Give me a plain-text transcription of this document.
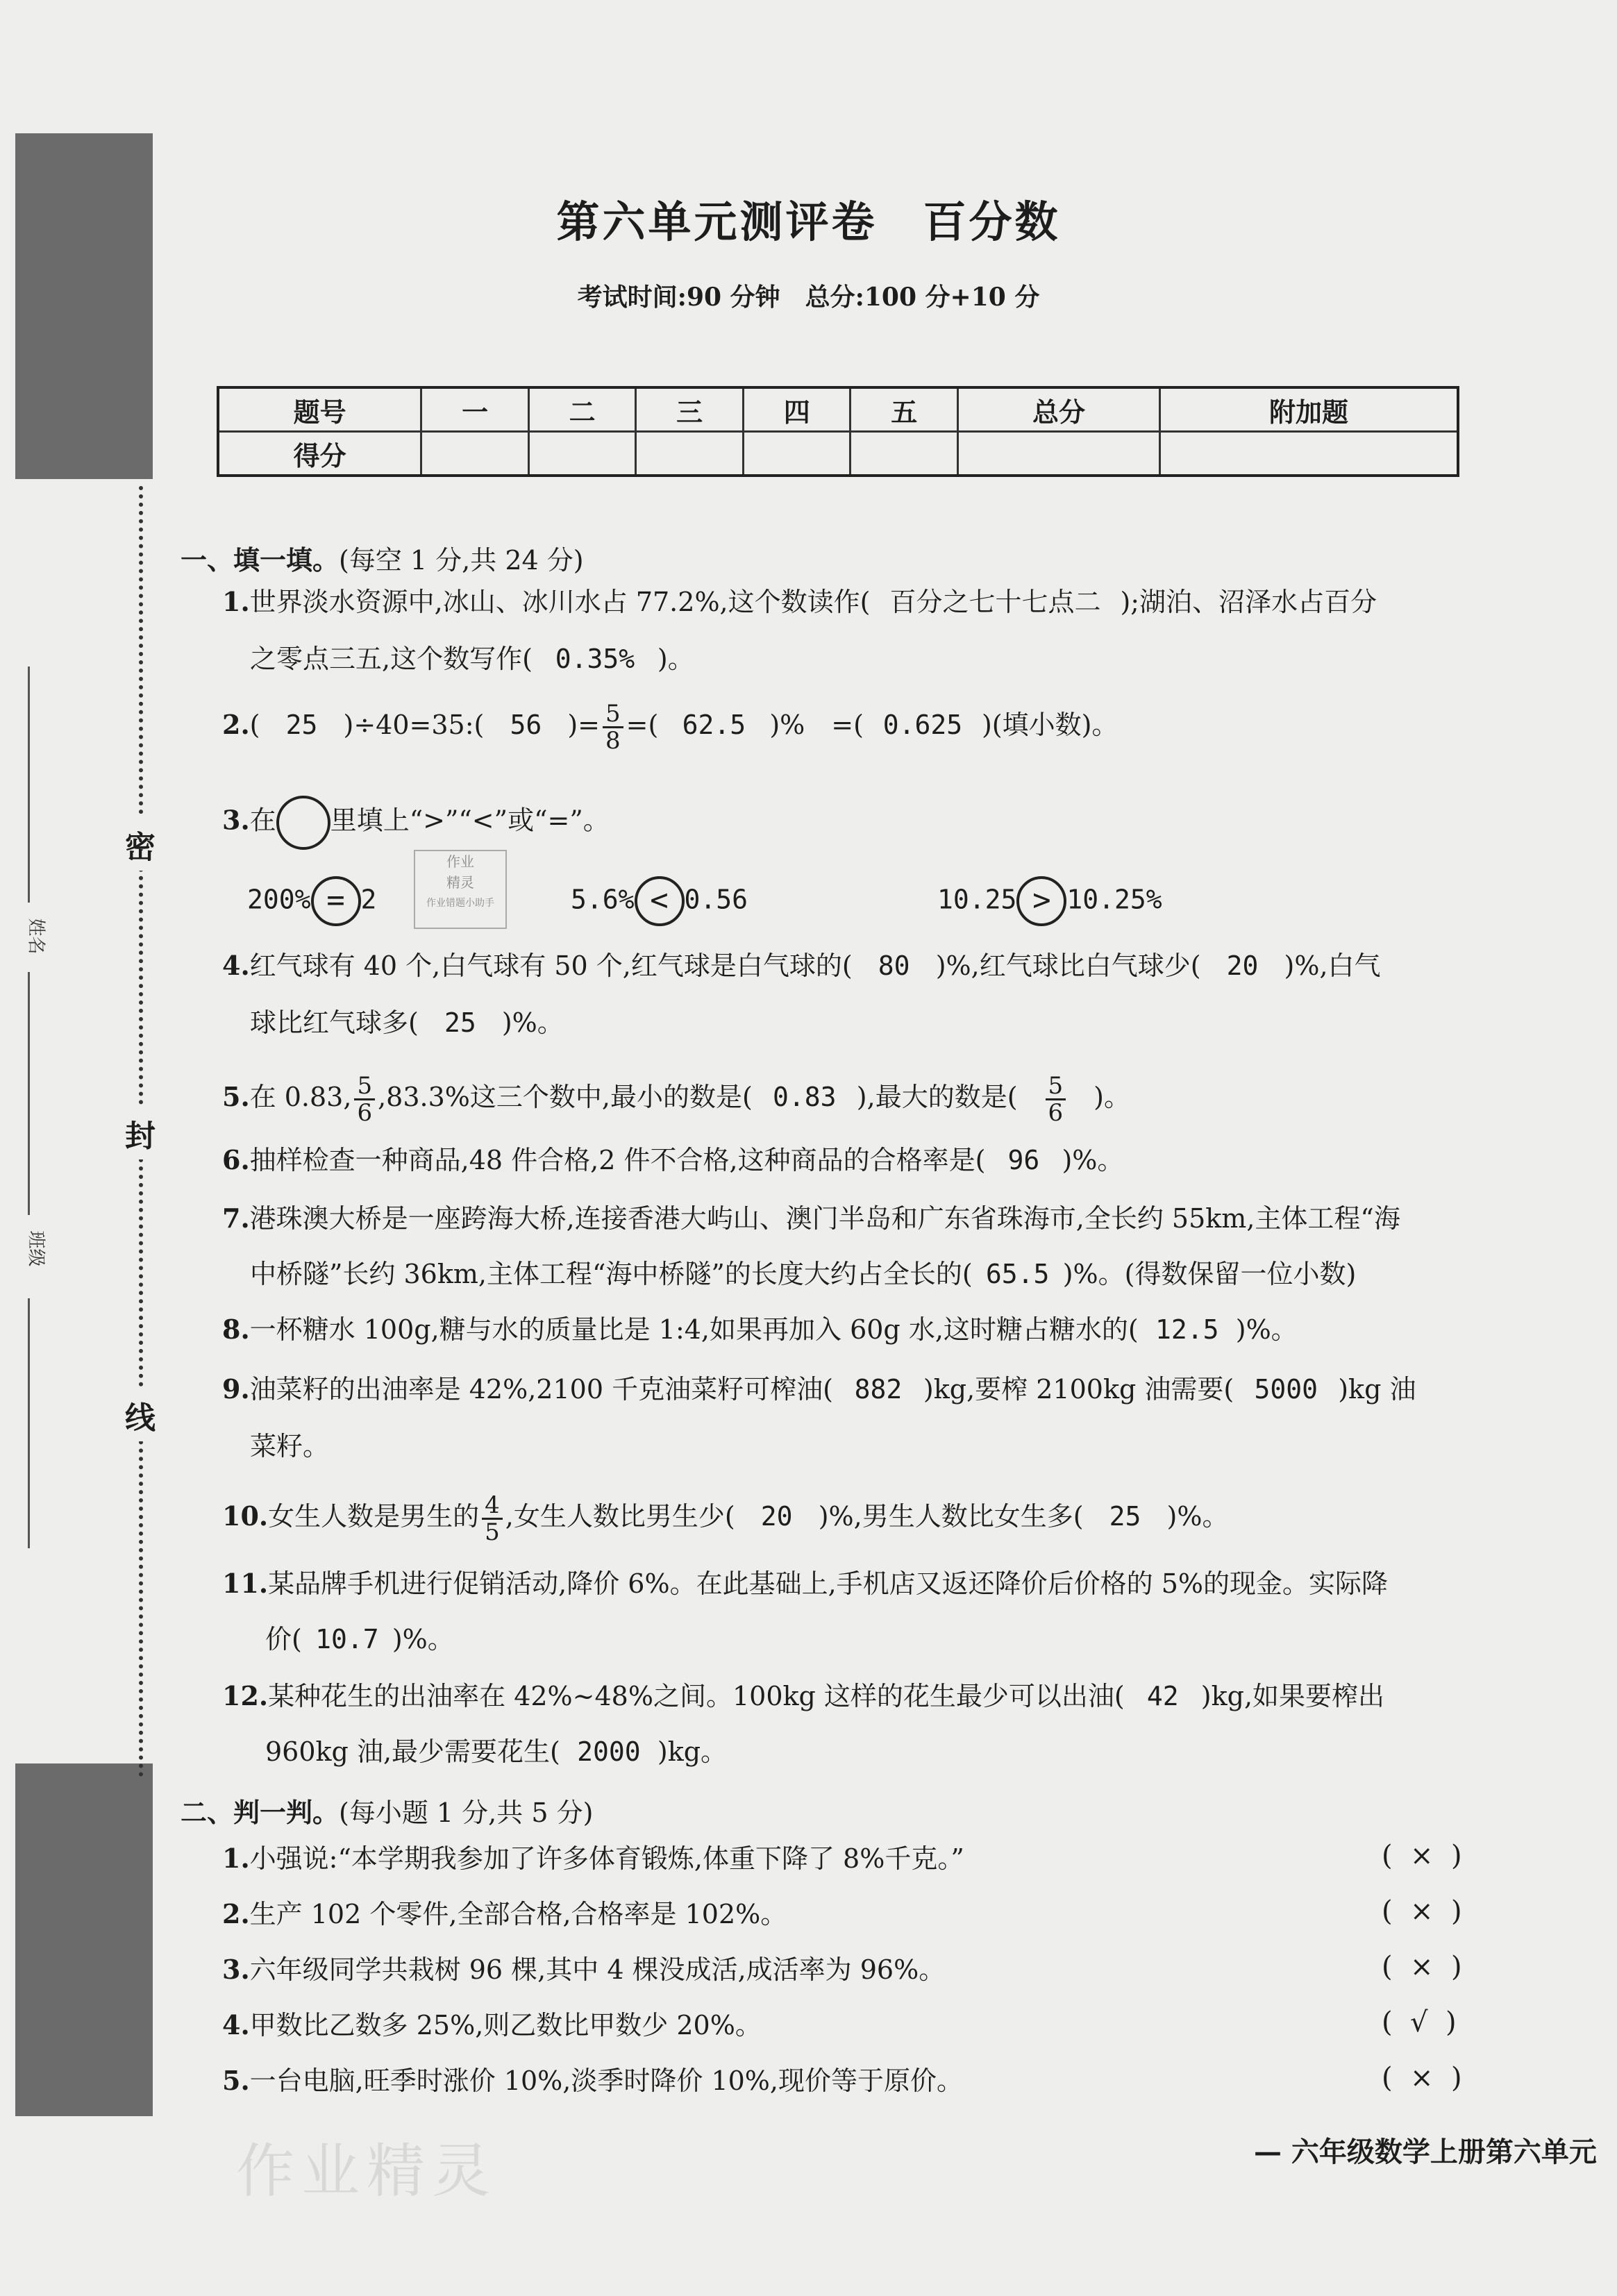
密
封
线
姓名
班级
第六单元测评卷　百分数
考试时间:90 分钟　总分:100 分+10 分
题号	一	二	三	四	五	总分	附加题
得分							
一、填一填。(每空 1 分,共 24 分)
1.世界淡水资源中,冰山、冰川水占 77.2%,这个数读作( 百分之七十七点二 );湖泊、沼泽水占百分
之零点三五,这个数写作( 0.35% )。
2.( 25 )÷40=35:( 56 )= $\frac{5}{8}$ =( 62.5 )%　=( 0.625 )(填小数)。
3.在 里填上“>”“<”或“=”。
200% = 2	5.6% < 0.56	10.25 > 10.25%
作业
精灵
作业错题小助手
4.红气球有 40 个,白气球有 50 个,红气球是白气球的( 80 )%,红气球比白气球少( 20 )%,白气
球比红气球多( 25 )%。
5.在 0.83, $\frac{5}{6} ,83.3\%$这三个数中,最小的数是( 0.83 ),最大的数是( $\frac{5}{6}$ )。
6.抽样检查一种商品,48 件合格,2 件不合格,这种商品的合格率是( 96 )%。
7.港珠澳大桥是一座跨海大桥,连接香港大屿山、澳门半岛和广东省珠海市,全长约 55km,主体工程“海
中桥隧”长约 36km,主体工程“海中桥隧”的长度大约占全长的( 65.5 )%。(得数保留一位小数)
8.一杯糖水 100g,糖与水的质量比是 1:4,如果再加入 60g 水,这时糖占糖水的( 12.5 )%。
9.油菜籽的出油率是 42%,2100 千克油菜籽可榨油( 882 )kg,要榨 2100kg 油需要( 5000 )kg 油
菜籽。
10.女生人数是男生的 $\frac{4}{5}$ ,女生人数比男生少( 20 )%,男生人数比女生多( 25 )%。
11.某品牌手机进行促销活动,降价 6%。在此基础上,手机店又返还降价后价格的 5%的现金。实际降
价( 10.7 )%。
12.某种花生的出油率在 42%~48%之间。100kg 这样的花生最少可以出油( 42 )kg,如果要榨出
960kg 油,最少需要花生( 2000 )kg。
二、判一判。(每小题 1 分,共 5 分)
1.小强说:“本学期我参加了许多体育锻炼,体重下降了 8%千克。”	(  ×  )
2.生产 102 个零件,全部合格,合格率是 102%。	(  ×  )
3.六年级同学共栽树 96 棵,其中 4 棵没成活,成活率为 96%。	(  ×  )
4.甲数比乙数多 25%,则乙数比甲数少 20%。	(  √  )
5.一台电脑,旺季时涨价 10%,淡季时降价 10%,现价等于原价。	(  ×  )
作业精灵	— 六年级数学上册第六单元
